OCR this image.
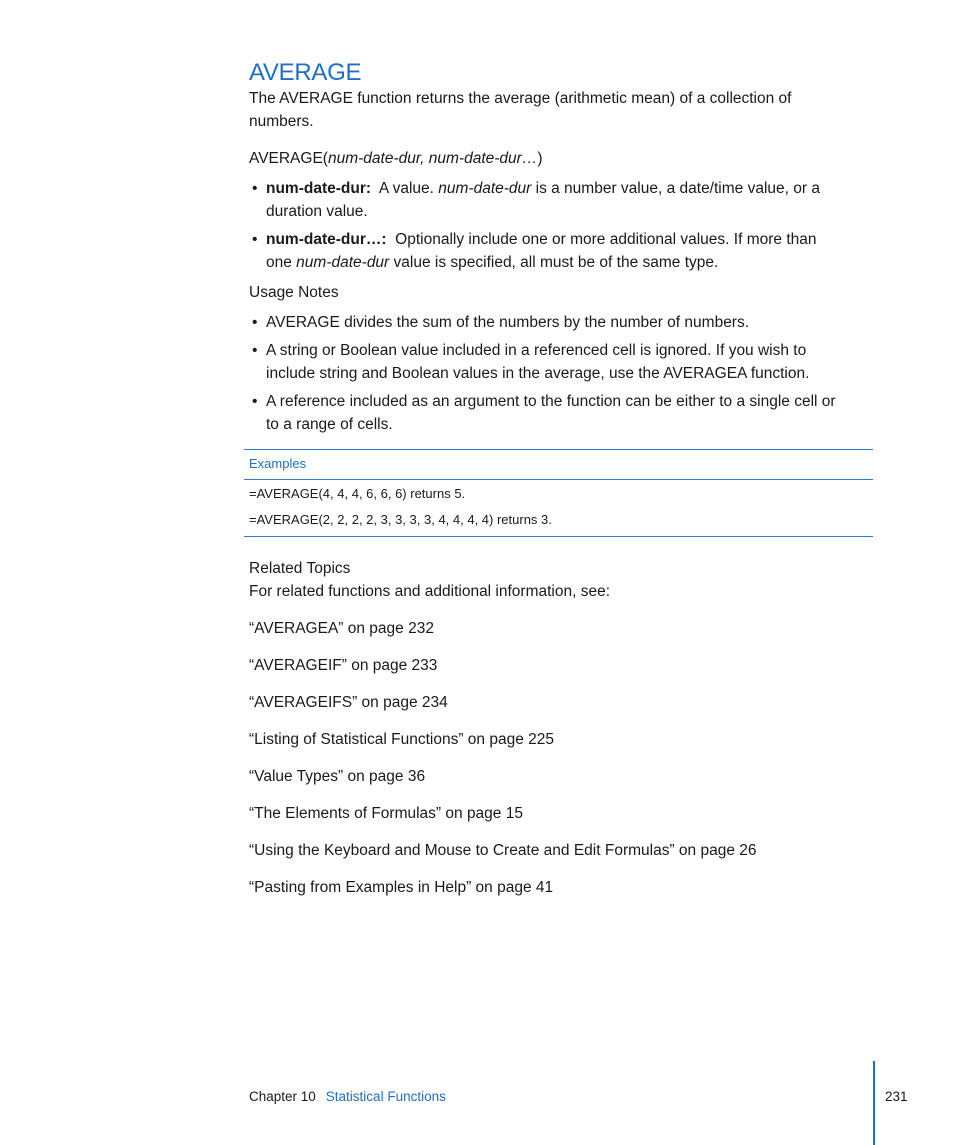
AVERAGE
The AVERAGE function returns the average (arithmetic mean) of a collection of numbers.
AVERAGE(num-date-dur, num-date-dur…)
• num-date-dur: A value. num-date-dur is a number value, a date/time value, or a
duration value.
• num-date-dur…: Optionally include one or more additional values. If more than
one num-date-dur value is specified, all must be of the same type.
Usage Notes
• AVERAGE divides the sum of the numbers by the number of numbers.
• A string or Boolean value included in a referenced cell is ignored. If you wish to
include string and Boolean values in the average, use the AVERAGEA function.
• A reference included as an argument to the function can be either to a single cell or
to a range of cells.
Examples
=AVERAGE(4, 4, 4, 6, 6, 6) returns 5.
=AVERAGE(2, 2, 2, 2, 3, 3, 3, 3, 4, 4, 4, 4) returns 3.
Related Topics
For related functions and additional information, see:
“AVERAGEA” on page 232
“AVERAGEIF” on page 233
“AVERAGEIFS” on page 234
“Listing of Statistical Functions” on page 225
“Value Types” on page 36
“The Elements of Formulas” on page 15
“Using the Keyboard and Mouse to Create and Edit Formulas” on page 26
“Pasting from Examples in Help” on page 41
Chapter 10 Statistical Functions	231
